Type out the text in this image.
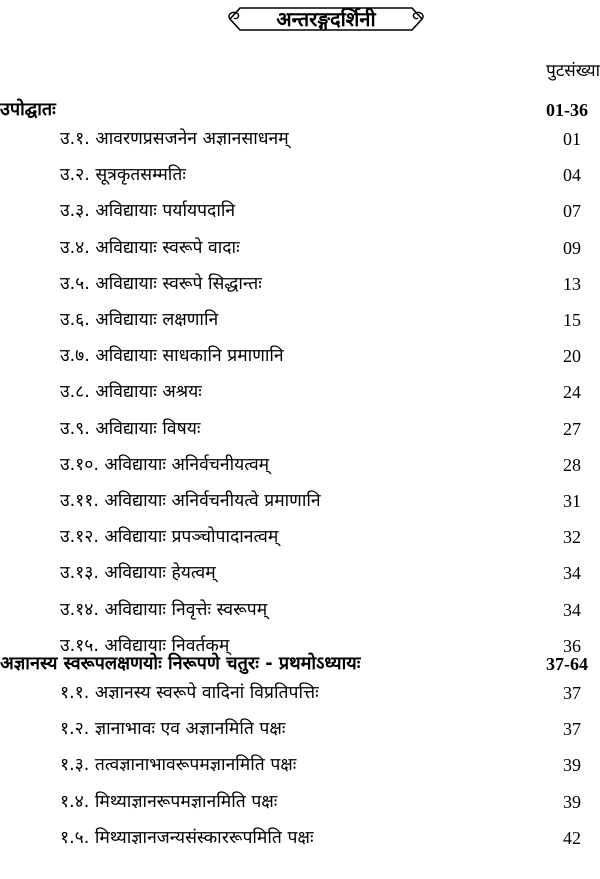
अन्तरङ्गदर्शिनी
पुटसंख्या
उपोद्घातः	01-36
उ.१. आवरणप्रसजनेन अज्ञानसाधनम्	01
उ.२. सूत्रकृतसम्मतिः	04
उ.३. अविद्यायाः पर्यायपदानि	07
उ.४. अविद्यायाः स्वरूपे वादाः	09
उ.५. अविद्यायाः स्वरूपे सिद्धान्तः	13
उ.६. अविद्यायाः लक्षणानि	15
उ.७. अविद्यायाः साधकानि प्रमाणानि	20
उ.८. अविद्यायाः अश्रयः	24
उ.९. अविद्यायाः विषयः	27
उ.१०. अविद्यायाः अनिर्वचनीयत्वम्	28
उ.११. अविद्यायाः अनिर्वचनीयत्वे प्रमाणानि	31
उ.१२. अविद्यायाः प्रपञ्चोपादानत्वम्	32
उ.१३. अविद्यायाः हेयत्वम्	34
उ.१४. अविद्यायाः निवृत्तेः स्वरूपम्	34
उ.१५. अविद्यायाः निवर्तकम्	36
अज्ञानस्य स्वरूपलक्षणयोः निरूपणे चतुरः - प्रथमोऽध्यायः	37-64
१.१. अज्ञानस्य स्वरूपे वादिनां विप्रतिपत्तिः	37
१.२. ज्ञानाभावः एव अज्ञानमिति पक्षः	37
१.३. तत्वज्ञानाभावरूपमज्ञानमिति पक्षः	39
१.४. मिथ्याज्ञानरूपमज्ञानमिति पक्षः	39
१.५. मिथ्याज्ञानजन्यसंस्काररूपमिति पक्षः	42
